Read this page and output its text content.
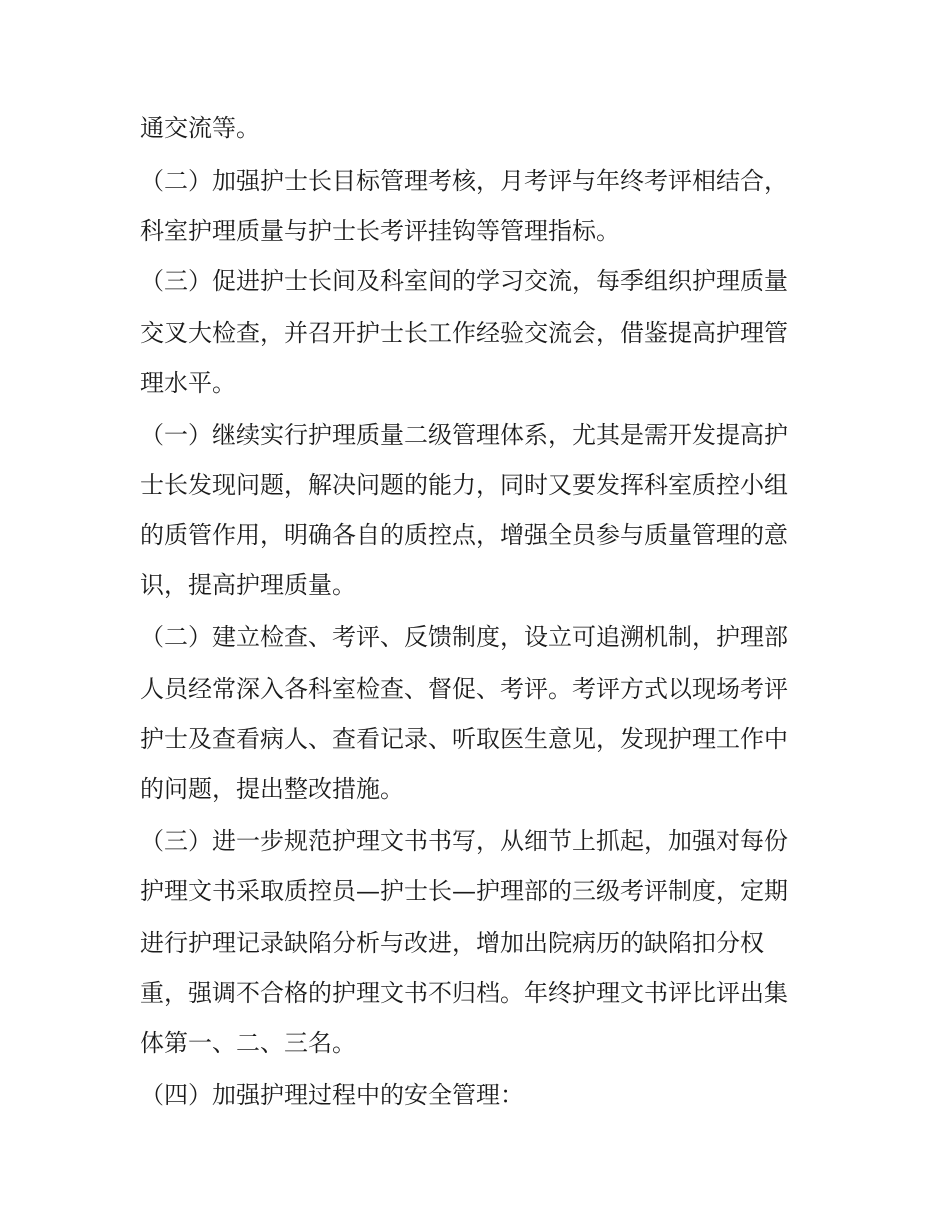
通交流等。
（二）加强护士长目标管理考核，月考评与年终考评相结合，
科室护理质量与护士长考评挂钩等管理指标。
（三）促进护士长间及科室间的学习交流，每季组织护理质量
交叉大检查，并召开护士长工作经验交流会，借鉴提高护理管
理水平。
（一）继续实行护理质量二级管理体系，尤其是需开发提高护
士长发现问题，解决问题的能力，同时又要发挥科室质控小组
的质管作用，明确各自的质控点，增强全员参与质量管理的意
识，提高护理质量。
（二）建立检查、考评、反馈制度，设立可追溯机制，护理部
人员经常深入各科室检查、督促、考评。考评方式以现场考评
护士及查看病人、查看记录、听取医生意见，发现护理工作中
的问题，提出整改措施。
（三）进一步规范护理文书书写，从细节上抓起，加强对每份
护理文书采取质控员—护士长—护理部的三级考评制度，定期
进行护理记录缺陷分析与改进，增加出院病历的缺陷扣分权
重，强调不合格的护理文书不归档。年终护理文书评比评出集
体第一、二、三名。
（四）加强护理过程中的安全管理：
